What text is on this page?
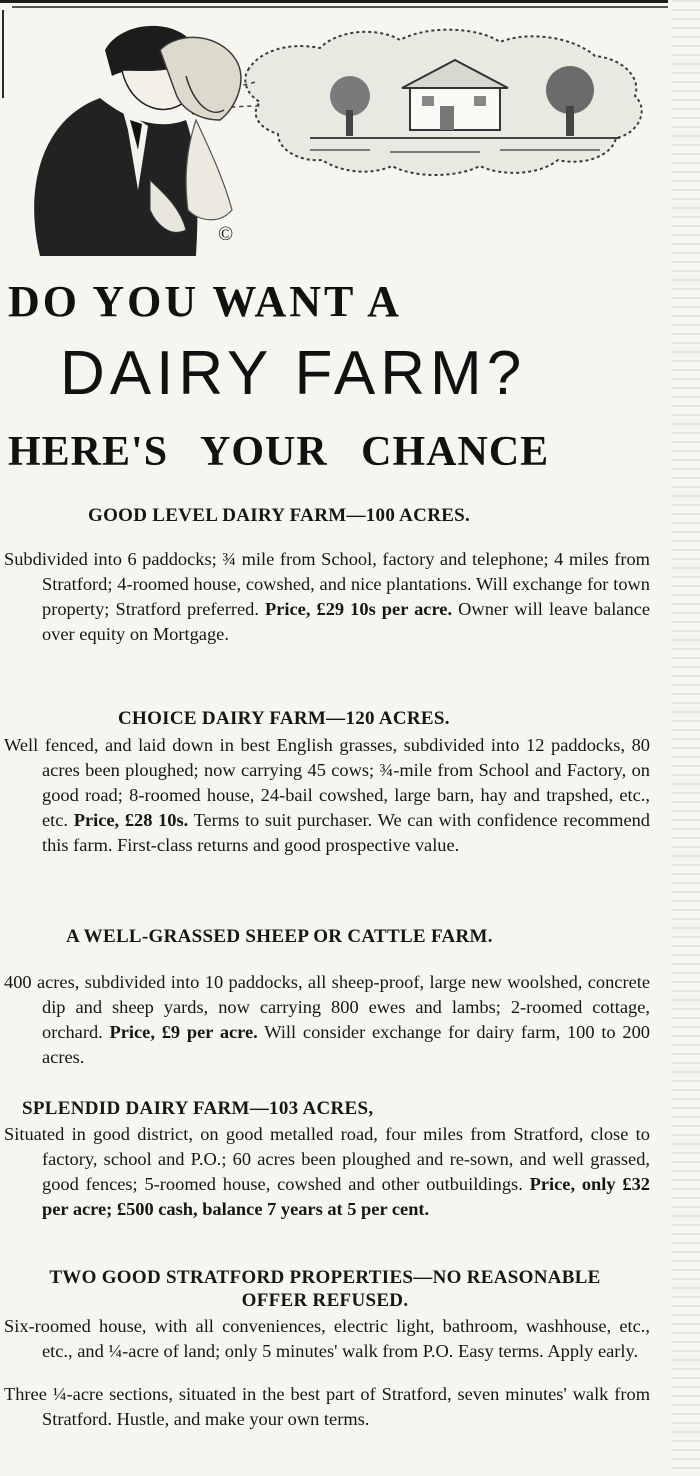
©
DO YOU WANT A
DAIRY FARM?
HERE'S YOUR CHANCE
GOOD LEVEL DAIRY FARM—100 ACRES.

Subdivided into 6 paddocks; ¾ mile from School, factory and telephone; 4 miles from Stratford; 4-roomed house, cowshed, and nice plantations. Will exchange for town property; Stratford preferred. Price, £29 10s per acre. Owner will leave balance over equity on Mortgage.

CHOICE DAIRY FARM—120 ACRES.

Well fenced, and laid down in best English grasses, subdivided into 12 paddocks, 80 acres been ploughed; now carrying 45 cows; ¾-mile from School and Factory, on good road; 8-roomed house, 24-bail cowshed, large barn, hay and trapshed, etc., etc. Price, £28 10s. Terms to suit purchaser. We can with confidence recommend this farm. First-class returns and good prospective value.

A WELL-GRASSED SHEEP OR CATTLE FARM.

400 acres, subdivided into 10 paddocks, all sheep-proof, large new woolshed, concrete dip and sheep yards, now carrying 800 ewes and lambs; 2-roomed cottage, orchard. Price, £9 per acre. Will consider exchange for dairy farm, 100 to 200 acres.

SPLENDID DAIRY FARM—103 ACRES,

Situated in good district, on good metalled road, four miles from Stratford, close to factory, school and P.O.; 60 acres been ploughed and re-sown, and well grassed, good fences; 5-roomed house, cowshed and other outbuildings. Price, only £32 per acre; £500 cash, balance 7 years at 5 per cent.

TWO GOOD STRATFORD PROPERTIES—NO REASONABLE OFFER REFUSED.

Six-roomed house, with all conveniences, electric light, bathroom, washhouse, etc., etc., and ¼-acre of land; only 5 minutes' walk from P.O. Easy terms. Apply early.

Three ¼-acre sections, situated in the best part of Stratford, seven minutes' walk from Stratford. Hustle, and make your own terms.
